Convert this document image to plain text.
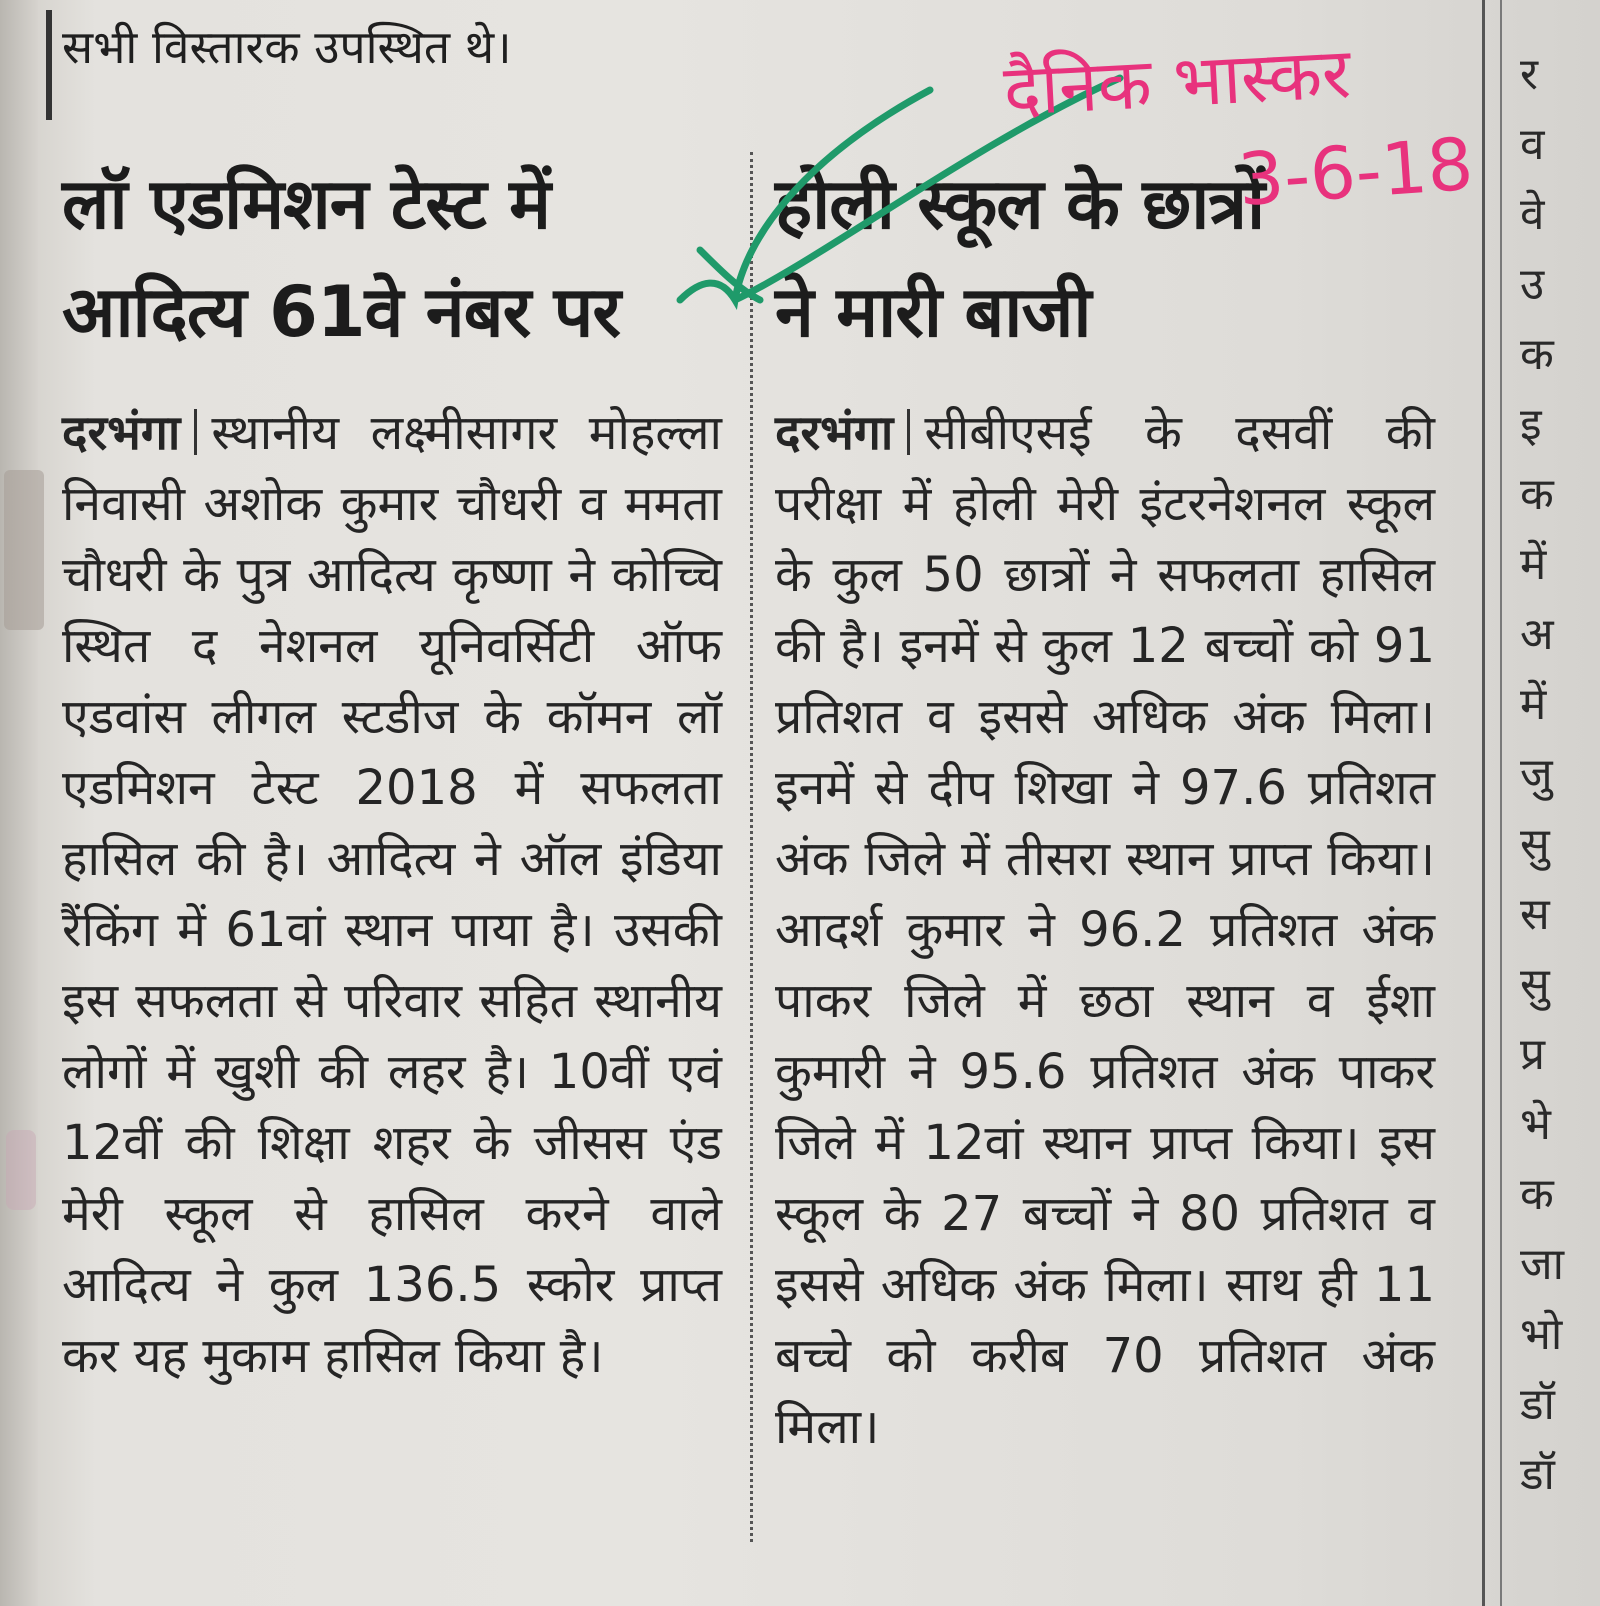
सभी विस्तारक उपस्थित थे।
लॉ एडमिशन टेस्ट में
आदित्य 61वे नंबर पर
दरभंगा स्थानीय लक्ष्मीसागर मोहल्ला निवासी अशोक कुमार चौधरी व ममता चौधरी के पुत्र आदित्य कृष्णा ने कोच्चि स्थित द नेशनल यूनिवर्सिटी ऑफ एडवांस लीगल स्टडीज के कॉमन लॉ एडमिशन टेस्ट 2018 में सफलता हासिल की है। आदित्य ने ऑल इंडिया रैंकिंग में 61वां स्थान पाया है। उसकी इस सफलता से परिवार सहित स्थानीय लोगों में खुशी की लहर है। 10वीं एवं 12वीं की शिक्षा शहर के जीसस एंड मेरी स्कूल से हासिल करने वाले आदित्य ने कुल 136.5 स्कोर प्राप्त कर यह मुकाम हासिल किया है।
होली स्कूल के छात्रों
ने मारी बाजी
दरभंगा सीबीएसई के दसवीं की परीक्षा में होली मेरी इंटरनेशनल स्कूल के कुल 50 छात्रों ने सफलता हासिल की है। इनमें से कुल 12 बच्चों को 91 प्रतिशत व इससे अधिक अंक मिला। इनमें से दीप शिखा ने 97.6 प्रतिशत अंक जिले में तीसरा स्थान प्राप्त किया। आदर्श कुमार ने 96.2 प्रतिशत अंक पाकर जिले में छठा स्थान व ईशा कुमारी ने 95.6 प्रतिशत अंक पाकर जिले में 12वां स्थान प्राप्त किया। इस स्कूल के 27 बच्चों ने 80 प्रतिशत व इससे अधिक अंक मिला। साथ ही 11 बच्चे को करीब 70 प्रतिशत अंक मिला।
र
व
वे
उ
क
इ
क
में
अ
में
जु
सु
स
सु
प्र
भे
क
जा
भो
डॉ
डॉ
दैनिक भास्कर
3-6-18
